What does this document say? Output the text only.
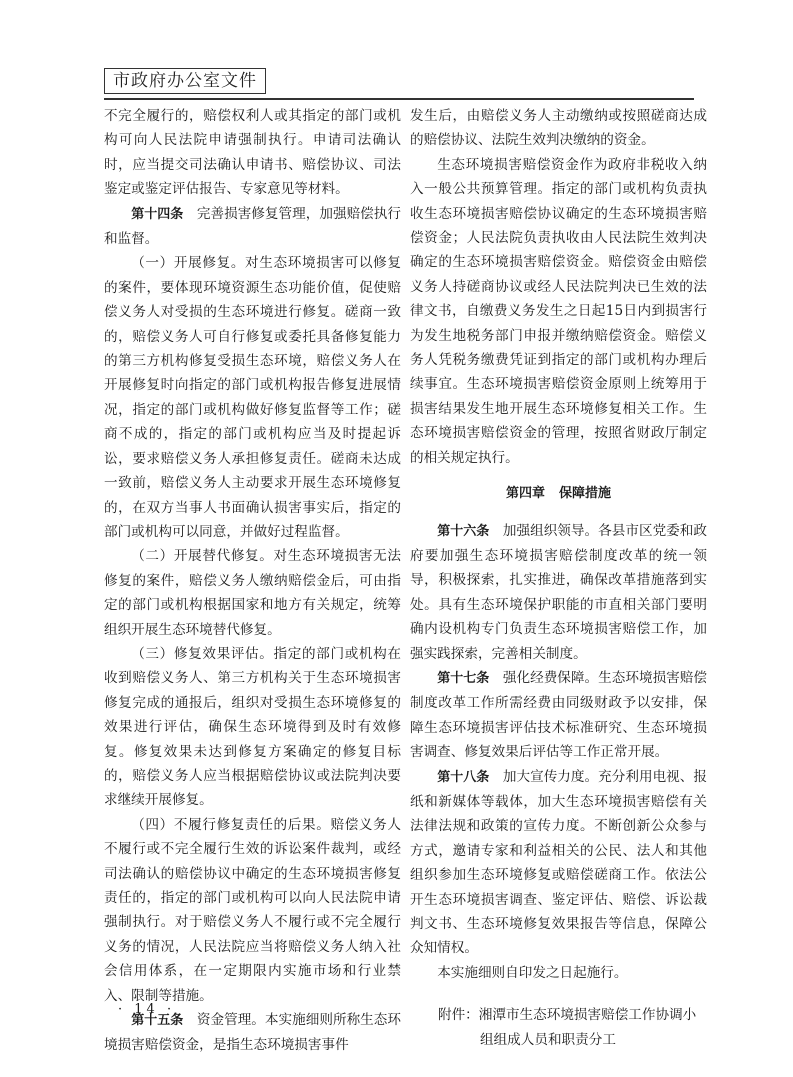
市政府办公室文件

不完全履行的，赔偿权利人或其指定的部门或机构可向人民法院申请强制执行。申请司法确认时，应当提交司法确认申请书、赔偿协议、司法鉴定或鉴定评估报告、专家意见等材料。

第十四条　 完善损害修复管理，加强赔偿执行和监督。

（一）开展修复。对生态环境损害可以修复的案件，要体现环境资源生态功能价值，促使赔偿义务人对受损的生态环境进行修复。磋商一致的，赔偿义务人可自行修复或委托具备修复能力的第三方机构修复受损生态环境，赔偿义务人在开展修复时向指定的部门或机构报告修复进展情况，指定的部门或机构做好修复监督等工作；磋商不成的，指定的部门或机构应当及时提起诉讼，要求赔偿义务人承担修复责任。磋商未达成一致前，赔偿义务人主动要求开展生态环境修复的，在双方当事人书面确认损害事实后，指定的部门或机构可以同意，并做好过程监督。

（二）开展替代修复。对生态环境损害无法修复的案件，赔偿义务人缴纳赔偿金后，可由指定的部门或机构根据国家和地方有关规定，统筹组织开展生态环境替代修复。

（三）修复效果评估。指定的部门或机构在收到赔偿义务人、第三方机构关于生态环境损害修复完成的通报后，组织对受损生态环境修复的效果进行评估，确保生态环境得到及时有效修复。修复效果未达到修复方案确定的修复目标的，赔偿义务人应当根据赔偿协议或法院判决要求继续开展修复。

（四）不履行修复责任的后果。赔偿义务人不履行或不完全履行生效的诉讼案件裁判，或经司法确认的赔偿协议中确定的生态环境损害修复责任的，指定的部门或机构可以向人民法院申请强制执行。对于赔偿义务人不履行或不完全履行义务的情况，人民法院应当将赔偿义务人纳入社会信用体系，在一定期限内实施市场和行业禁入、限制等措施。

第十五条　 资金管理。本实施细则所称生态环境损害赔偿资金，是指生态环境损害事件

发生后，由赔偿义务人主动缴纳或按照磋商达成的赔偿协议、法院生效判决缴纳的资金。

生态环境损害赔偿资金作为政府非税收入纳入一般公共预算管理。指定的部门或机构负责执收生态环境损害赔偿协议确定的生态环境损害赔偿资金；人民法院负责执收由人民法院生效判决确定的生态环境损害赔偿资金。赔偿资金由赔偿义务人持磋商协议或经人民法院判决已生效的法律文书，自缴费义务发生之日起15日内到损害行为发生地税务部门申报并缴纳赔偿资金。赔偿义务人凭税务缴费凭证到指定的部门或机构办理后续事宜。生态环境损害赔偿资金原则上统筹用于损害结果发生地开展生态环境修复相关工作。生态环境损害赔偿资金的管理，按照省财政厅制定的相关规定执行。

第四章 保障措施

第十六条　 加强组织领导。各县市区党委和政府要加强生态环境损害赔偿制度改革的统一领导，积极探索，扎实推进，确保改革措施落到实处。具有生态环境保护职能的市直相关部门要明确内设机构专门负责生态环境损害赔偿工作，加强实践探索，完善相关制度。

第十七条　 强化经费保障。生态环境损害赔偿制度改革工作所需经费由同级财政予以安排，保障生态环境损害评估技术标准研究、生态环境损害调查、修复效果后评估等工作正常开展。

第十八条　 加大宣传力度。充分利用电视、报纸和新媒体等载体，加大生态环境损害赔偿有关法律法规和政策的宣传力度。不断创新公众参与方式，邀请专家和利益相关的公民、法人和其他组织参加生态环境修复或赔偿磋商工作。依法公开生态环境损害调查、鉴定评估、赔偿、诉讼裁判文书、生态环境修复效果报告等信息，保障公众知情权。

本实施细则自印发之日起施行。

附件：湘潭市生态环境损害赔偿工作协调小
组组成人员和职责分工

· 14 ·
